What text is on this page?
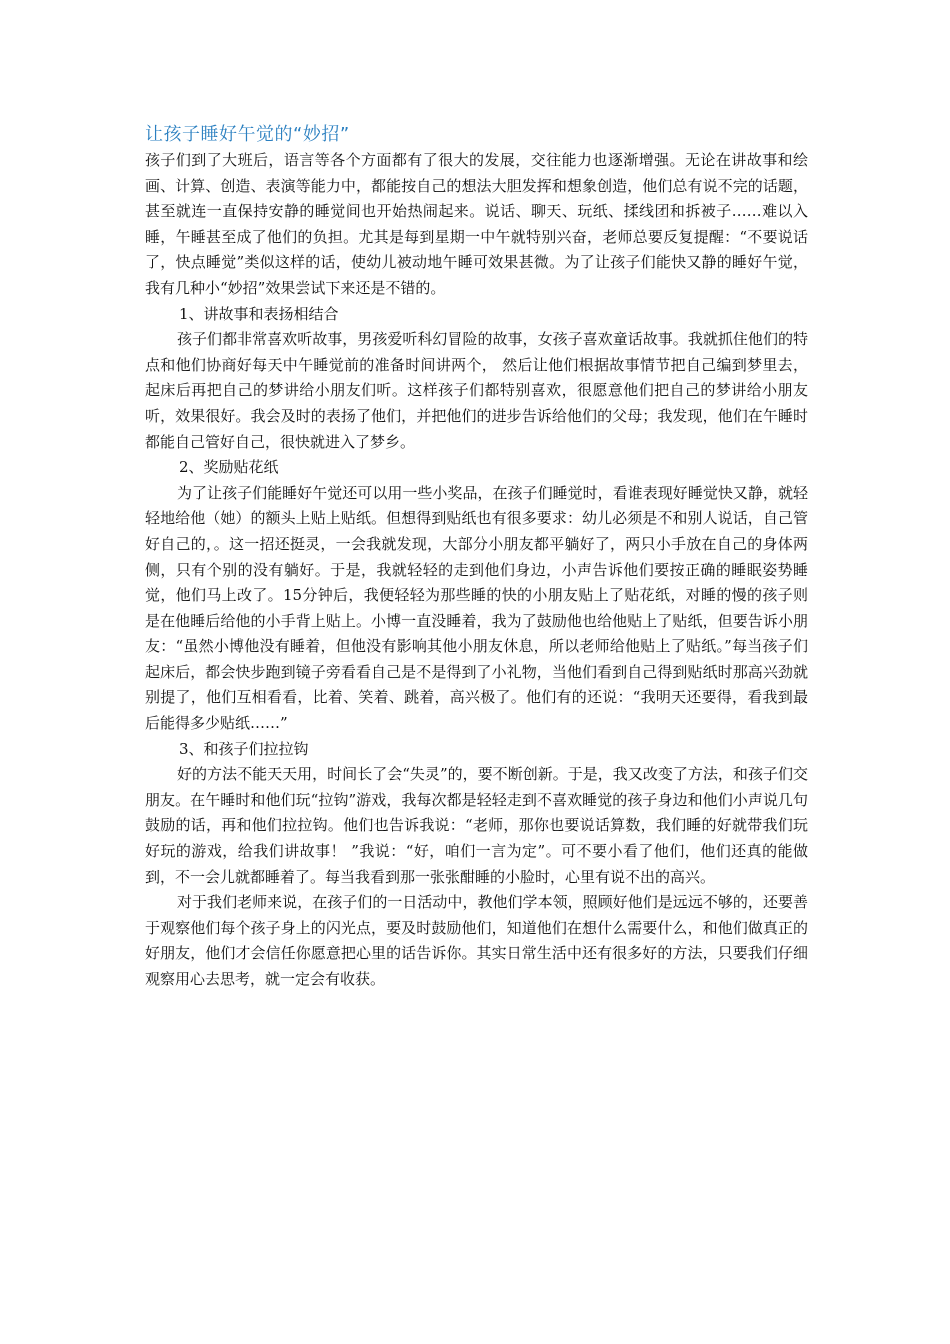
让孩子睡好午觉的“妙招”

孩子们到了大班后，语言等各个方面都有了很大的发展，交往能力也逐渐增强。无论在讲故事和绘画、计算、创造、表演等能力中，都能按自己的想法大胆发挥和想象创造，他们总有说不完的话题，甚至就连一直保持安静的睡觉间也开始热闹起来。说话、聊天、玩纸、揉线团和拆被子……难以入睡，午睡甚至成了他们的负担。尤其是每到星期一中午就特别兴奋，老师总要反复提醒：“不要说话了，快点睡觉”类似这样的话，使幼儿被动地午睡可效果甚微。为了让孩子们能快又静的睡好午觉，我有几种小“妙招”效果尝试下来还是不错的。

1、讲故事和表扬相结合

孩子们都非常喜欢听故事，男孩爱听科幻冒险的故事，女孩子喜欢童话故事。我就抓住他们的特点和他们协商好每天中午睡觉前的准备时间讲两个， 然后让他们根据故事情节把自己编到梦里去，起床后再把自己的梦讲给小朋友们听。这样孩子们都特别喜欢，很愿意他们把自己的梦讲给小朋友听，效果很好。我会及时的表扬了他们，并把他们的进步告诉给他们的父母；我发现，他们在午睡时都能自己管好自己，很快就进入了梦乡。

2、奖励贴花纸

为了让孩子们能睡好午觉还可以用一些小奖品，在孩子们睡觉时，看谁表现好睡觉快又静，就轻轻地给他（她）的额头上贴上贴纸。但想得到贴纸也有很多要求：幼儿必须是不和别人说话，自己管好自己的，。这一招还挺灵，一会我就发现，大部分小朋友都平躺好了，两只小手放在自己的身体两侧，只有个别的没有躺好。于是，我就轻轻的走到他们身边，小声告诉他们要按正确的睡眠姿势睡觉，他们马上改了。15分钟后，我便轻轻为那些睡的快的小朋友贴上了贴花纸，对睡的慢的孩子则是在他睡后给他的小手背上贴上。小博一直没睡着，我为了鼓励他也给他贴上了贴纸，但要告诉小朋友：“虽然小博他没有睡着，但他没有影响其他小朋友休息，所以老师给他贴上了贴纸。”每当孩子们起床后，都会快步跑到镜子旁看看自己是不是得到了小礼物，当他们看到自己得到贴纸时那高兴劲就别提了，他们互相看看，比着、笑着、跳着，高兴极了。他们有的还说：“我明天还要得，看我到最后能得多少贴纸……”

3、和孩子们拉拉钩

好的方法不能天天用，时间长了会“失灵”的，要不断创新。于是，我又改变了方法，和孩子们交朋友。在午睡时和他们玩“拉钩”游戏，我每次都是轻轻走到不喜欢睡觉的孩子身边和他们小声说几句鼓励的话，再和他们拉拉钩。他们也告诉我说：“老师，那你也要说话算数，我们睡的好就带我们玩好玩的游戏，给我们讲故事！ ”我说：“好，咱们一言为定”。可不要小看了他们，他们还真的能做到，不一会儿就都睡着了。每当我看到那一张张酣睡的小脸时，心里有说不出的高兴。

对于我们老师来说，在孩子们的一日活动中，教他们学本领，照顾好他们是远远不够的，还要善于观察他们每个孩子身上的闪光点，要及时鼓励他们，知道他们在想什么需要什么，和他们做真正的好朋友，他们才会信任你愿意把心里的话告诉你。其实日常生活中还有很多好的方法，只要我们仔细观察用心去思考，就一定会有收获。
